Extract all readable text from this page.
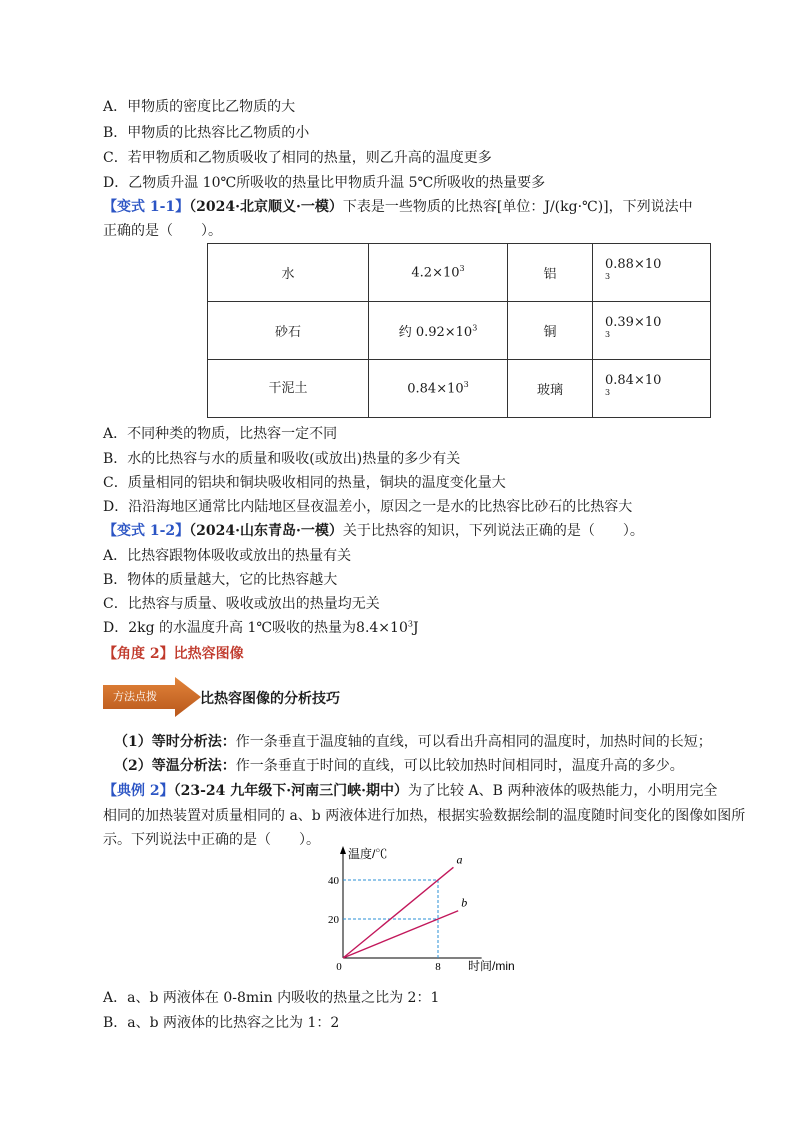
A．甲物质的密度比乙物质的大
B．甲物质的比热容比乙物质的小
C．若甲物质和乙物质吸收了相同的热量，则乙升高的温度更多
D．乙物质升温 10℃所吸收的热量比甲物质升温 5℃所吸收的热量要多
【变式 1-1】（2024·北京顺义·一模）下表是一些物质的比热容[单位：J/(kg·℃)]，下列说法中
正确的是（　　）。
水	$4.2\times 10^3$	铝	0.88×10
$^3$
砂石	约 $0.92\times 10^3$	铜	0.39×10
$^3$
干泥土	$0.84\times 10^3$	玻璃	0.84×10
$^3$
A．不同种类的物质，比热容一定不同
B．水的比热容与水的质量和吸收(或放出)热量的多少有关
C．质量相同的铝块和铜块吸收相同的热量，铜块的温度变化量大
D．沿沿海地区通常比内陆地区昼夜温差小，原因之一是水的比热容比砂石的比热容大
【变式 1-2】（2024·山东青岛·一模）关于比热容的知识，下列说法正确的是（　　）。
A．比热容跟物体吸收或放出的热量有关
B．物体的质量越大，它的比热容越大
C．比热容与质量、吸收或放出的热量均无关
D．2kg 的水温度升高 1℃吸收的热量为$8.4\times 10^3J$
【角度 2】比热容图像
方法点拨	比热容图像的分析技巧
（1）等时分析法：作一条垂直于温度轴的直线，可以看出升高相同的温度时，加热时间的长短；
（2）等温分析法：作一条垂直于时间的直线，可以比较加热时间相同时，温度升高的多少。
【典例 2】（23-24 九年级下·河南三门峡·期中）为了比较 A、B 两种液体的吸热能力，小明用完全
相同的加热装置对质量相同的 a、b 两液体进行加热，根据实验数据绘制的温度随时间变化的图像如图所
示。下列说法中正确的是（　　）。
温度/℃
时间/min
0
20
40
8
a
b
A．a、b 两液体在 0-8min 内吸收的热量之比为 2：1
B．a、b 两液体的比热容之比为 1：2
